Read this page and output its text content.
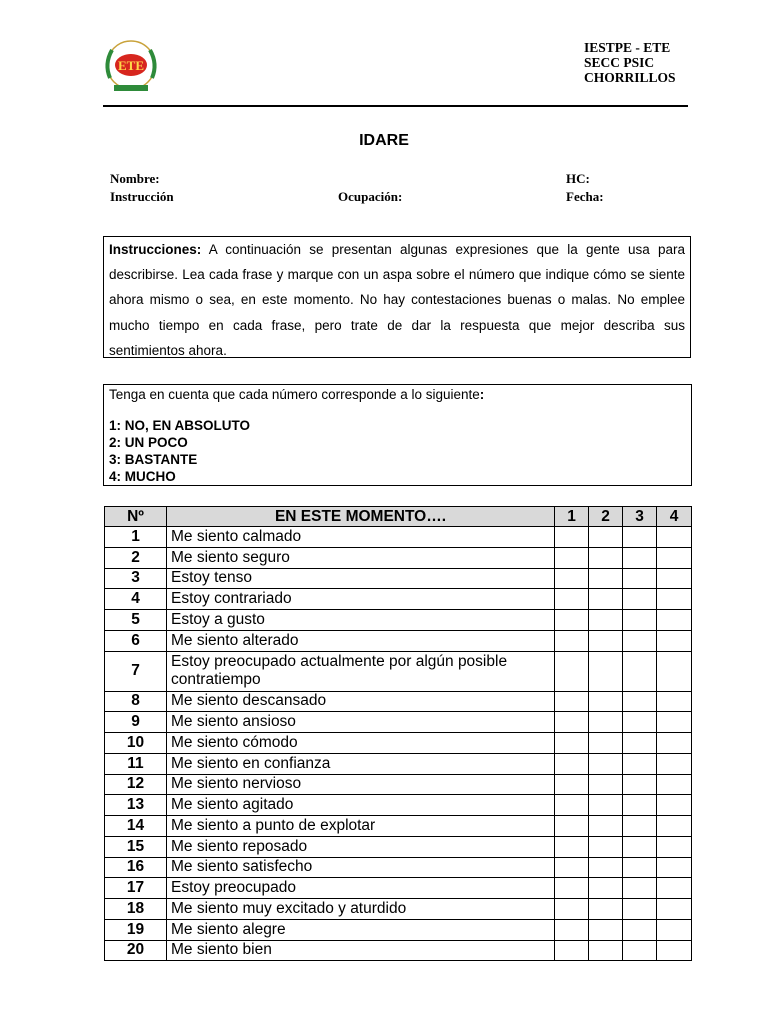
ETE
IESTPE - ETE
SECC PSIC
CHORRILLOS
IDARE
Nombre:	HC:
Instrucción	Ocupación:	Fecha:
Instrucciones: A continuación se presentan algunas expresiones que la gente usa para describirse. Lea cada frase y marque con un aspa sobre el número que indique cómo se siente ahora mismo o sea, en este momento. No hay contestaciones buenas o malas. No emplee mucho tiempo en cada frase, pero trate de dar la respuesta que mejor describa sus sentimientos ahora.
Tenga en cuenta que cada número corresponde a lo siguiente:
1: NO, EN ABSOLUTO
2: UN POCO
3: BASTANTE
4: MUCHO
Nº	EN ESTE MOMENTO….	1	2	3	4
1	Me siento calmado				
2	Me siento seguro				
3	Estoy tenso				
4	Estoy contrariado				
5	Estoy a gusto				
6	Me siento alterado				
7	Estoy preocupado actualmente por algún posible contratiempo				
8	Me siento descansado				
9	Me siento ansioso				
10	Me siento cómodo				
11	Me siento en confianza				
12	Me siento nervioso				
13	Me siento agitado				
14	Me siento a punto de explotar				
15	Me siento reposado				
16	Me siento satisfecho				
17	Estoy preocupado				
18	Me siento muy excitado y aturdido				
19	Me siento alegre				
20	Me siento bien				
